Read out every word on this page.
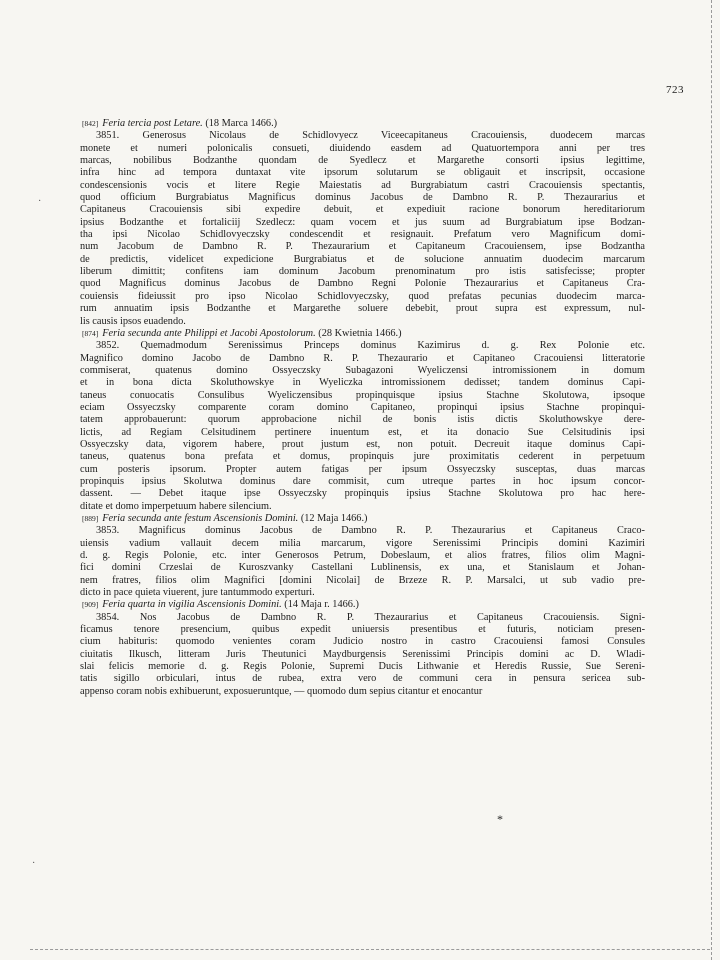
·
·
723
[842] Feria tercia post Letare. (18 Marca 1466.)
3851. Generosus Nicolaus de Schidlovyecz Viceecapitaneus Cracouiensis, duodecem marcas
monete et numeri polonicalis consueti, diuidendo easdem ad Quatuortempora anni per tres
marcas, nobilibus Bodzanthe quondam de Syedlecz et Margarethe consorti ipsius legittime,
infra hinc ad tempora duntaxat vite ipsorum solutarum se obligauit et inscripsit, occasione
condescensionis vocis et litere Regie Maiestatis ad Burgrabiatum castri Cracouiensis spectantis,
quod officium Burgrabiatus Magnificus dominus Jacobus de Dambno R. P. Thezaurarius et
Capitaneus Cracouiensis sibi expedire debuit, et expediuit racione bonorum hereditariorum
ipsius Bodzanthe et fortaliciij Szedlecz: quam vocem et jus suum ad Burgrabiatum ipse Bodzan-
tha ipsi Nicolao Schidlovyeczsky condescendit et resignauit. Prefatum vero Magnificum domi-
num Jacobum de Dambno R. P. Thezaurarium et Capitaneum Cracouiensem, ipse Bodzantha
de predictis, videlicet expedicione Burgrabiatus et de solucione annuatim duodecim marcarum
liberum dimittit; confitens iam dominum Jacobum prenominatum pro istis satisfecisse; propter
quod Magnificus dominus Jacobus de Dambno Regni Polonie Thezaurarius et Capitaneus Cra-
couiensis fideiussit pro ipso Nicolao Schidlovyeczsky, quod prefatas pecunias duodecim marca-
rum annuatim ipsis Bodzanthe et Margarethe soluere debebit, prout supra est expressum, nul-
lis causis ipsos euadendo.
[874] Feria secunda ante Philippi et Jacobi Apostolorum. (28 Kwietnia 1466.)
3852. Quemadmodum Serenissimus Princeps dominus Kazimirus d. g. Rex Polonie etc.
Magnifico domino Jacobo de Dambno R. P. Thezaurario et Capitaneo Cracouiensi litteratorie
commiserat, quatenus domino Ossyeczsky Subagazoni Wyeliczensi intromissionem in domum
et in bona dicta Skoluthowskye in Wyeliczka intromissionem dedisset; tandem dominus Capi-
taneus conuocatis Consulibus Wyeliczensibus propinquisque ipsius Stachne Skolutowa, ipsoque
eciam Ossyeczsky comparente coram domino Capitaneo, propinqui ipsius Stachne propinqui-
tatem approbauerunt: quorum approbacione nichil de bonis istis dictis Skoluthowskye dere-
lictis, ad Regiam Celsitudinem pertinere inuentum est, et ita donacio Sue Celsitudinis ipsi
Ossyeczsky data, vigorem habere, prout justum est, non potuit. Decreuit itaque dominus Capi-
taneus, quatenus bona prefata et domus, propinquis jure proximitatis cederent in perpetuum
cum posteris ipsorum. Propter autem fatigas per ipsum Ossyeczsky susceptas, duas marcas
propinquis ipsius Skolutwa dominus dare commisit, cum utreque partes in hoc ipsum concor-
dassent. — Debet itaque ipse Ossyeczsky propinquis ipsius Stachne Skolutowa pro hac here-
ditate et domo imperpetuum habere silencium.
[889] Feria secunda ante festum Ascensionis Domini. (12 Maja 1466.)
3853. Magnificus dominus Jacobus de Dambno R. P. Thezaurarius et Capitaneus Craco-
uiensis vadium vallauit decem milia marcarum, vigore Serenissimi Principis domini Kazimiri
d. g. Regis Polonie, etc. inter Generosos Petrum, Dobeslaum, et alios fratres, filios olim Magni-
fici domini Crzeslai de Kuroszvanky Castellani Lublinensis, ex una, et Stanislaum et Johan-
nem fratres, filios olim Magnifici [domini Nicolai] de Brzeze R. P. Marsalci, ut sub vadio pre-
dicto in pace quieta viuerent, jure tantummodo experturi.
[909] Feria quarta in vigilia Ascensionis Domini. (14 Maja r. 1466.)
3854. Nos Jacobus de Dambno R. P. Thezaurarius et Capitaneus Cracouiensis. Signi-
ficamus tenore presencium, quibus expedit uniuersis presentibus et futuris, noticiam presen-
cium habituris: quomodo venientes coram Judicio nostro in castro Cracouiensi famosi Consules
ciuitatis Ilkusch, litteram Juris Theutunici Maydburgensis Serenissimi Principis domini ac D. Wladi-
slai felicis memorie d. g. Regis Polonie, Supremi Ducis Lithwanie et Heredis Russie, Sue Sereni-
tatis sigillo orbiculari, intus de rubea, extra vero de communi cera in pensura sericea sub-
appenso coram nobis exhibuerunt, exposueruntque, — quomodo dum sepius citantur et enocantur
*
